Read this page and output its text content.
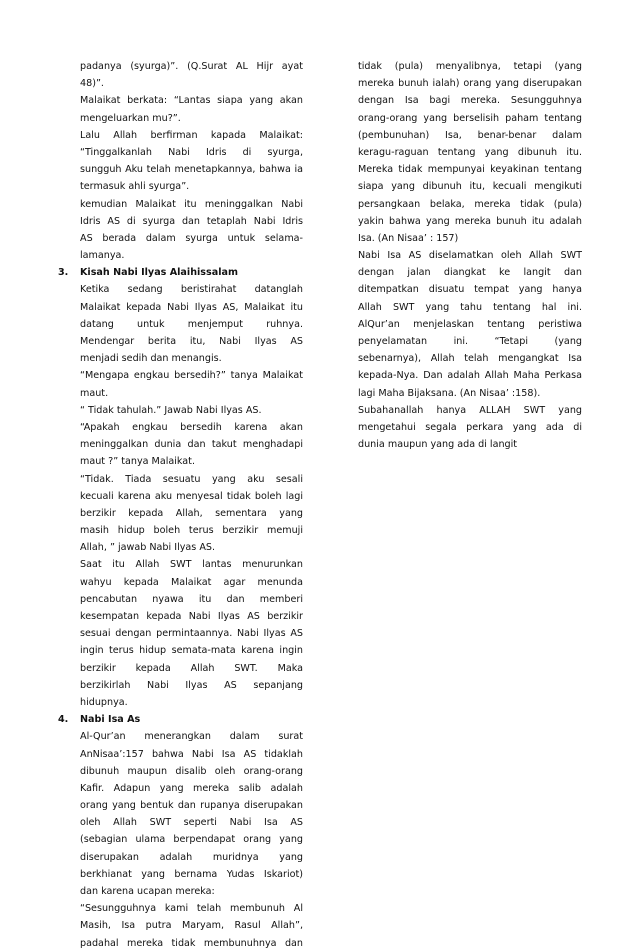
padanya (syurga)”. (Q.Surat AL Hijr ayat
48)”.
Malaikat berkata: “Lantas siapa yang akan
mengeluarkan mu?”.
Lalu Allah berfirman kapada Malaikat:
“Tinggalkanlah Nabi Idris di syurga,
sungguh Aku telah menetapkannya, bahwa ia
termasuk ahli syurga”.
kemudian Malaikat itu meninggalkan Nabi
Idris AS di syurga dan tetaplah Nabi Idris
AS berada dalam syurga untuk selama-
lamanya.
3. Kisah Nabi Ilyas Alaihissalam
Ketika sedang beristirahat datanglah
Malaikat kepada Nabi Ilyas AS, Malaikat itu
datang untuk menjemput ruhnya.
Mendengar berita itu, Nabi Ilyas AS
menjadi sedih dan menangis.
“Mengapa engkau bersedih?” tanya Malaikat
maut.
“ Tidak tahulah.” Jawab Nabi Ilyas AS.
“Apakah engkau bersedih karena akan
meninggalkan dunia dan takut menghadapi
maut ?” tanya Malaikat.
“Tidak. Tiada sesuatu yang aku sesali
kecuali karena aku menyesal tidak boleh lagi
berzikir kepada Allah, sementara yang
masih hidup boleh terus berzikir memuji
Allah, ” jawab Nabi Ilyas AS.
Saat itu Allah SWT lantas menurunkan
wahyu kepada Malaikat agar menunda
pencabutan nyawa itu dan memberi
kesempatan kepada Nabi Ilyas AS berzikir
sesuai dengan permintaannya. Nabi Ilyas AS
ingin terus hidup semata-mata karena ingin
berzikir kepada Allah SWT. Maka
berzikirlah Nabi Ilyas AS sepanjang
hidupnya.
4. Nabi Isa As
Al-Qur’an menerangkan dalam surat
AnNisaa’:157 bahwa Nabi Isa AS tidaklah
dibunuh maupun disalib oleh orang-orang
Kafir. Adapun yang mereka salib adalah
orang yang bentuk dan rupanya diserupakan
oleh Allah SWT seperti Nabi Isa AS
(sebagian ulama berpendapat orang yang
diserupakan adalah muridnya yang
berkhianat yang bernama Yudas Iskariot)
dan karena ucapan mereka:
“Sesungguhnya kami telah membunuh Al
Masih, Isa putra Maryam, Rasul Allah”,
padahal mereka tidak membunuhnya dan
tidak (pula) menyalibnya, tetapi (yang
mereka bunuh ialah) orang yang diserupakan
dengan Isa bagi mereka. Sesungguhnya
orang-orang yang berselisih paham tentang
(pembunuhan) Isa, benar-benar dalam
keragu-raguan tentang yang dibunuh itu.
Mereka tidak mempunyai keyakinan tentang
siapa yang dibunuh itu, kecuali mengikuti
persangkaan belaka, mereka tidak (pula)
yakin bahwa yang mereka bunuh itu adalah
Isa. (An Nisaa’ : 157)
Nabi Isa AS diselamatkan oleh Allah SWT
dengan jalan diangkat ke langit dan
ditempatkan disuatu tempat yang hanya
Allah SWT yang tahu tentang hal ini.
AlQur’an menjelaskan tentang peristiwa
penyelamatan ini. “Tetapi (yang
sebenarnya), Allah telah mengangkat Isa
kepada-Nya. Dan adalah Allah Maha Perkasa
lagi Maha Bijaksana. (An Nisaa’ :158).
Subahanallah hanya ALLAH SWT yang
mengetahui segala perkara yang ada di
dunia maupun yang ada di langit
